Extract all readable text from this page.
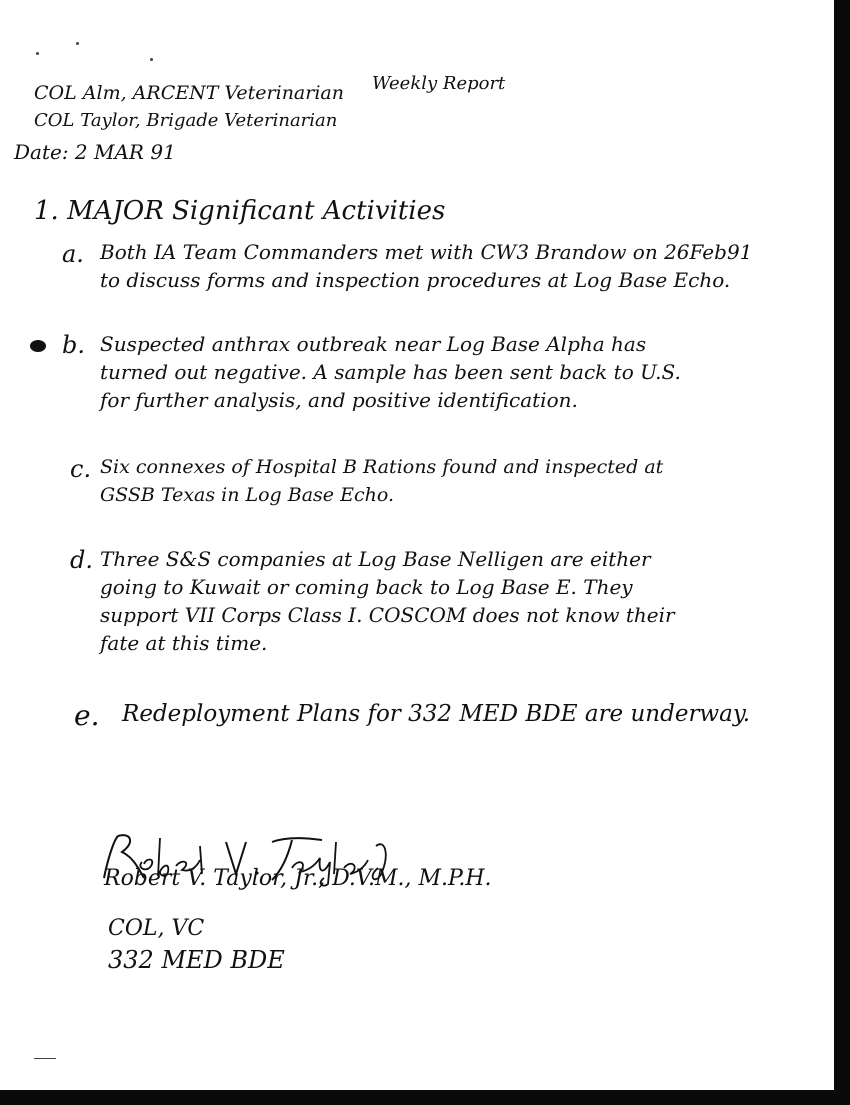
COL Alm, ARCENT Veterinarian Weekly Report
COL Taylor, Brigade Veterinarian
Date: 2 MAR 91
1. MAJOR Significant Activities
a. Both IA Team Commanders met with CW3 Brandow on 26Feb91
to discuss forms and inspection procedures at Log Base Echo.
b. Suspected anthrax outbreak near Log Base Alpha has
turned out negative. A sample has been sent back to U.S.
for further analysis, and positive identification.
c. Six connexes of Hospital B Rations found and inspected at
GSSB Texas in Log Base Echo.
d. Three S&S companies at Log Base Nelligen are either
going to Kuwait or coming back to Log Base E. They
support VII Corps Class I. COSCOM does not know their
fate at this time.
e. Redeployment Plans for 332 MED BDE are underway.
Robert V. Taylor, Jr., D.V.M., M.P.H.
COL, VC
332 MED BDE
